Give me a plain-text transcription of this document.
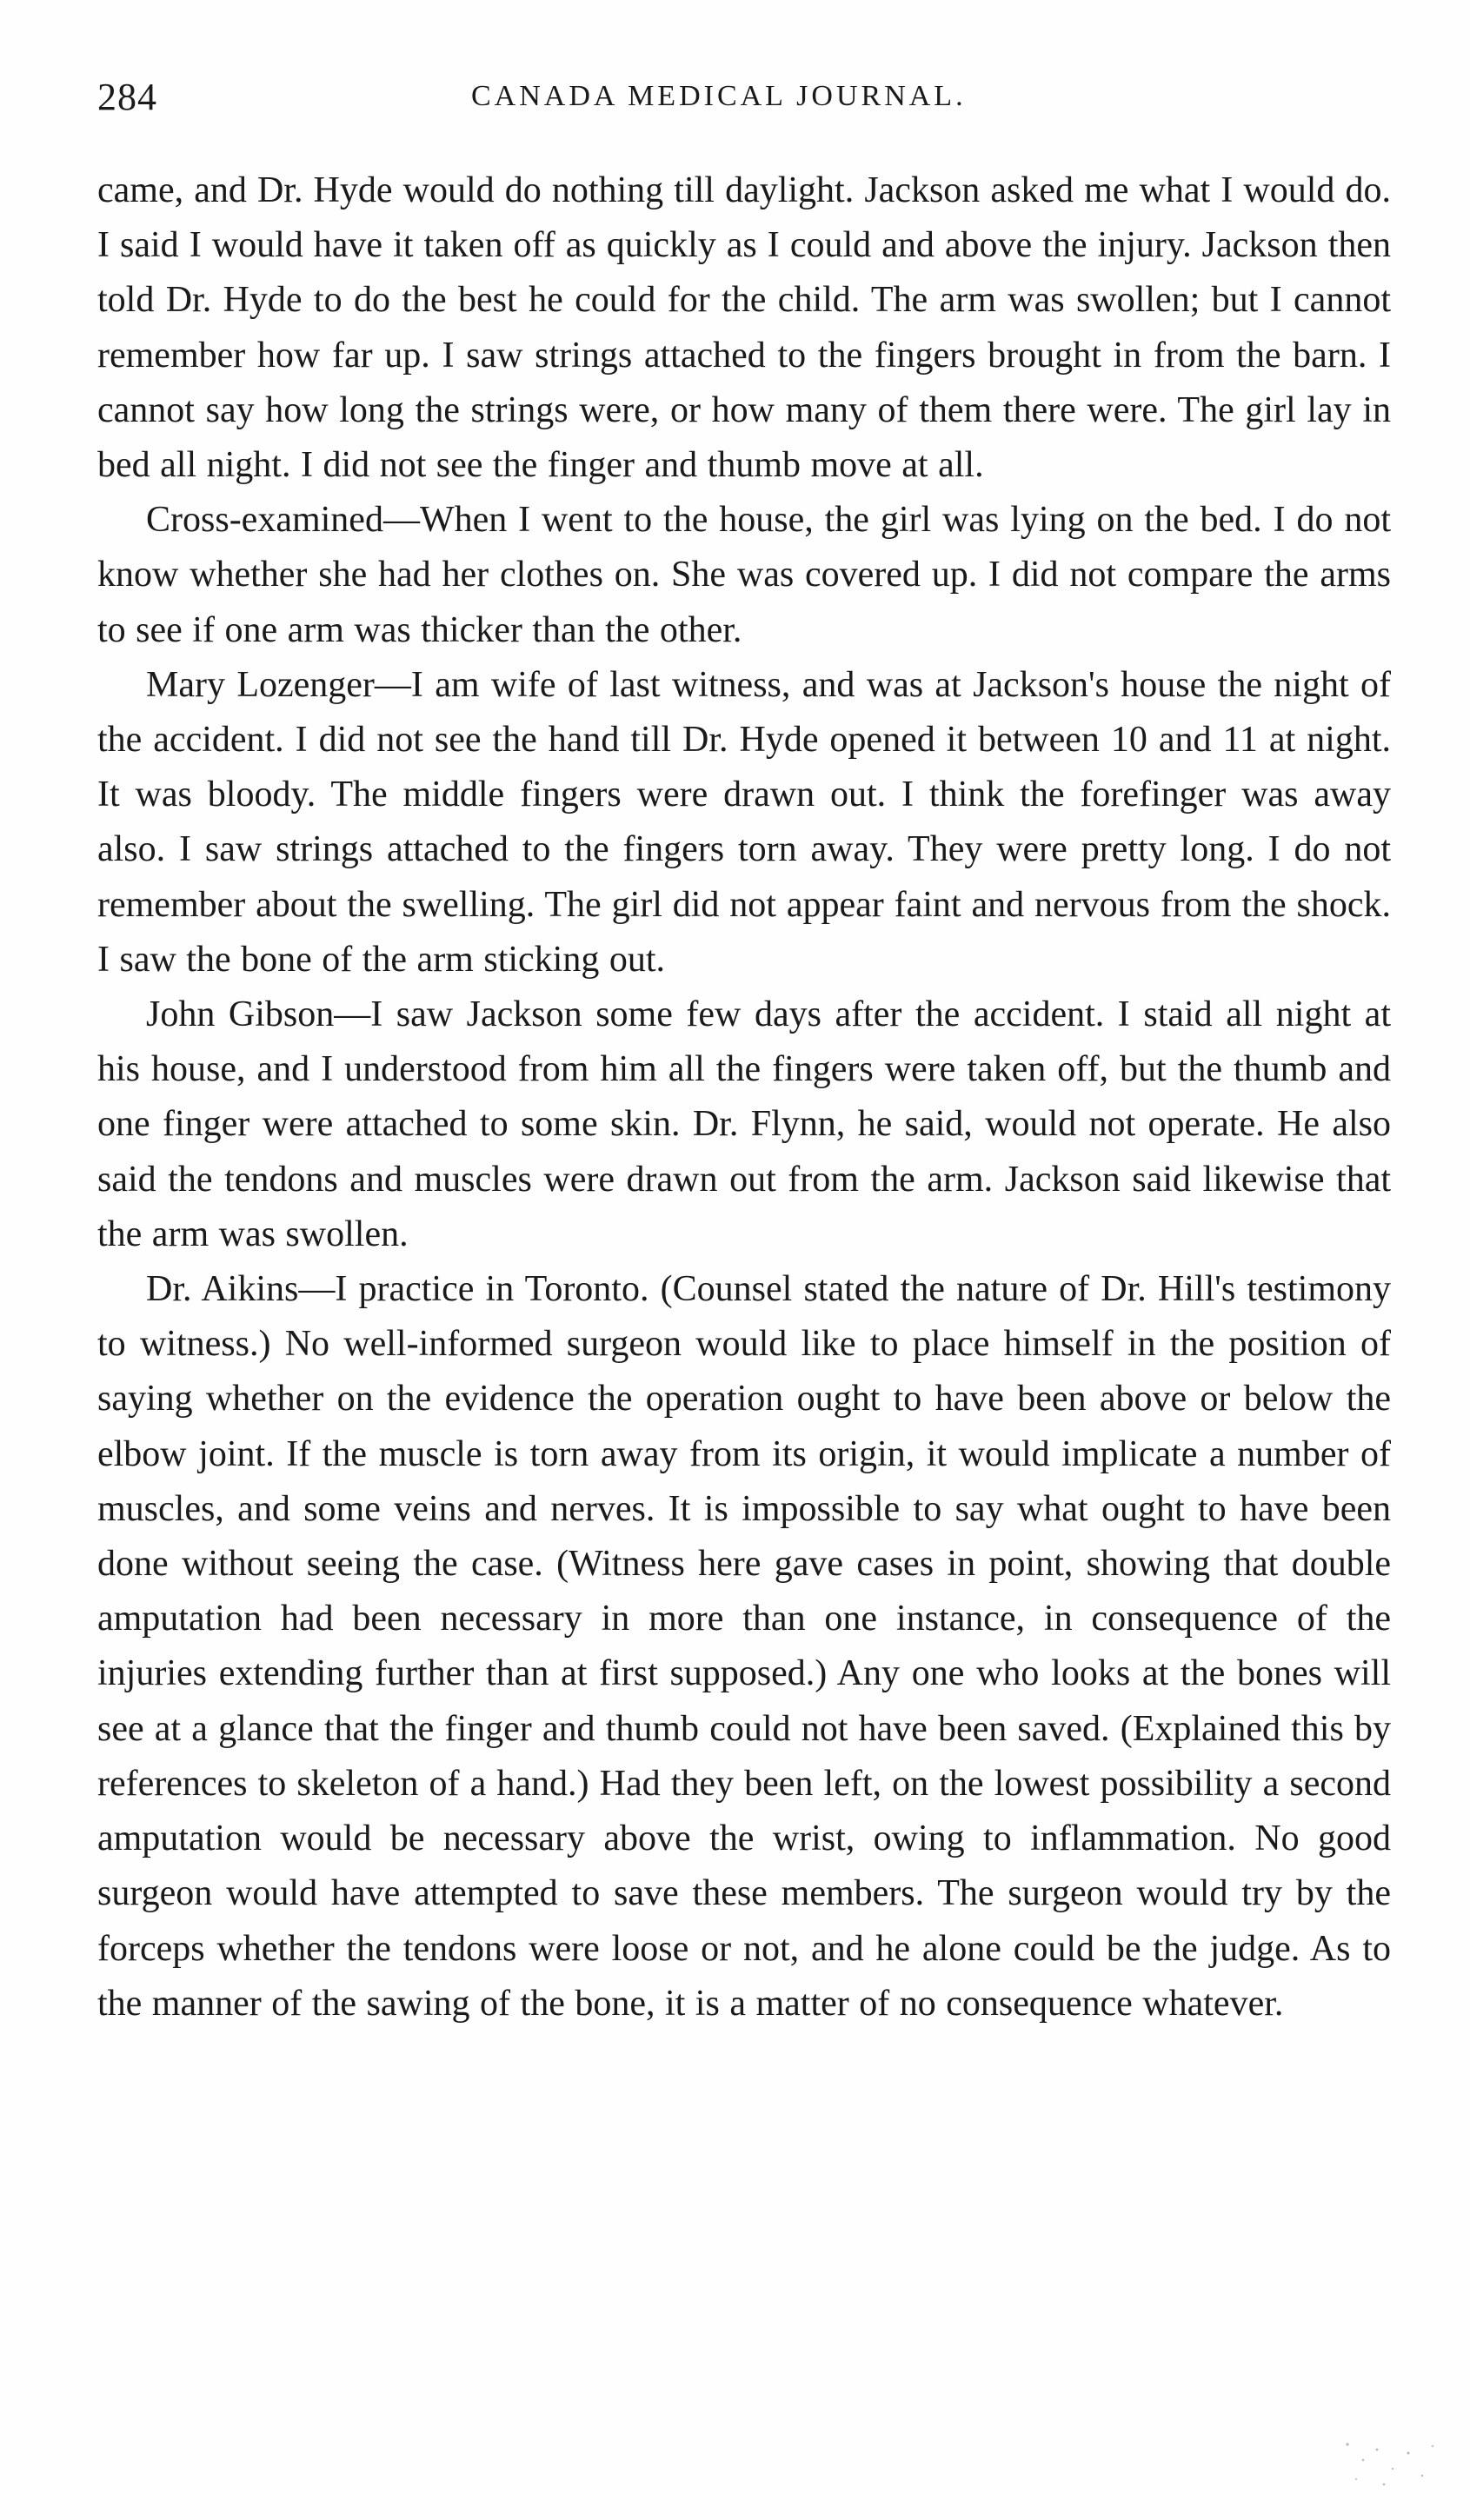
284	CANADA MEDICAL JOURNAL.

came, and Dr. Hyde would do nothing till daylight. Jackson asked me what I would do. I said I would have it taken off as quickly as I could and above the injury. Jackson then told Dr. Hyde to do the best he could for the child. The arm was swollen; but I cannot remember how far up. I saw strings attached to the fingers brought in from the barn. I cannot say how long the strings were, or how many of them there were. The girl lay in bed all night. I did not see the finger and thumb move at all.

Cross-examined—When I went to the house, the girl was lying on the bed. I do not know whether she had her clothes on. She was covered up. I did not compare the arms to see if one arm was thicker than the other.

Mary Lozenger—I am wife of last witness, and was at Jackson's house the night of the accident. I did not see the hand till Dr. Hyde opened it between 10 and 11 at night. It was bloody. The middle fingers were drawn out. I think the forefinger was away also. I saw strings attached to the fingers torn away. They were pretty long. I do not remember about the swelling. The girl did not appear faint and nervous from the shock. I saw the bone of the arm sticking out.

John Gibson—I saw Jackson some few days after the accident. I staid all night at his house, and I understood from him all the fingers were taken off, but the thumb and one finger were attached to some skin. Dr. Flynn, he said, would not operate. He also said the tendons and muscles were drawn out from the arm. Jackson said likewise that the arm was swollen.

Dr. Aikins—I practice in Toronto. (Counsel stated the nature of Dr. Hill's testimony to witness.) No well-informed surgeon would like to place himself in the position of saying whether on the evidence the operation ought to have been above or below the elbow joint. If the muscle is torn away from its origin, it would implicate a number of muscles, and some veins and nerves. It is impossible to say what ought to have been done without seeing the case. (Witness here gave cases in point, showing that double amputation had been necessary in more than one instance, in consequence of the injuries extending further than at first supposed.) Any one who looks at the bones will see at a glance that the finger and thumb could not have been saved. (Explained this by references to skeleton of a hand.) Had they been left, on the lowest possibility a second amputation would be necessary above the wrist, owing to inflammation. No good surgeon would have attempted to save these members. The surgeon would try by the forceps whether the tendons were loose or not, and he alone could be the judge. As to the manner of the sawing of the bone, it is a matter of no consequence whatever.
